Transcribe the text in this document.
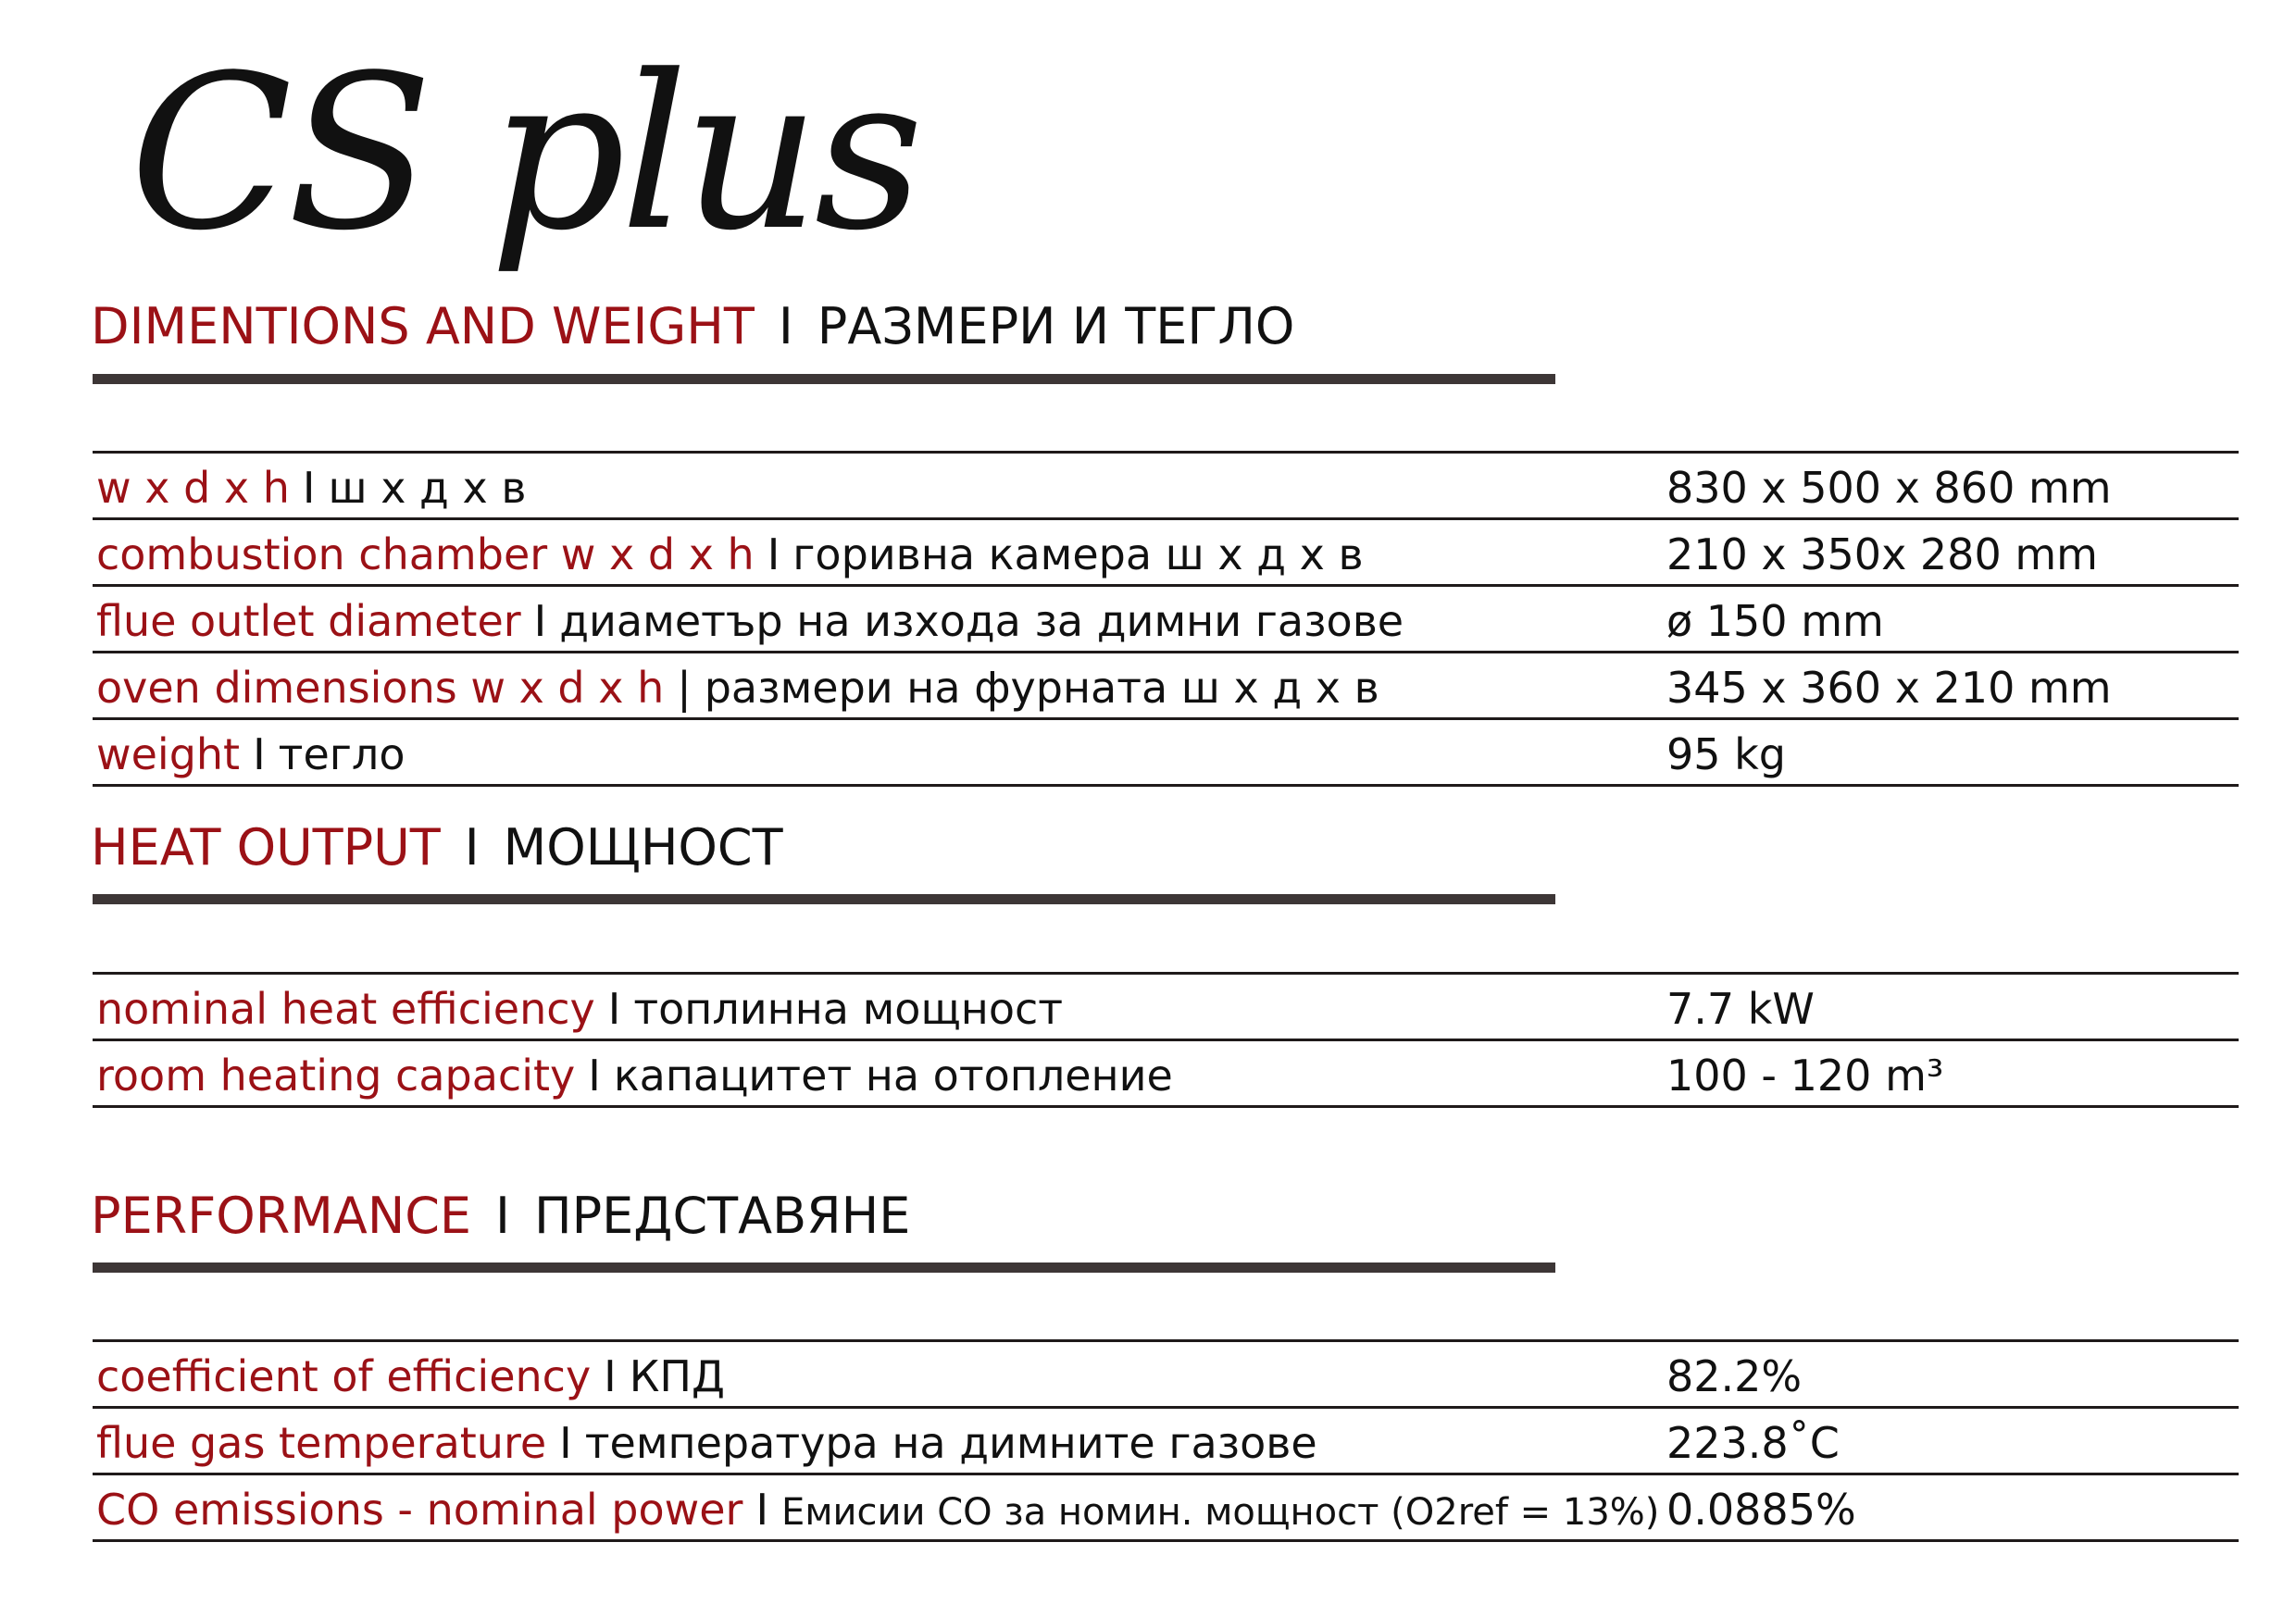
CS plus
DIMENTIONS AND WEIGHT I РАЗМЕРИ И ТЕГЛО
w x d x h I ш х д х в	830 x 500 x 860 mm
combustion chamber w x d x h I горивна камера ш х д х в	210 x 350x 280 mm
flue outlet diameter I диаметър на изхода за димни газове	ø 150 mm
oven dimensions w x d x h | размери на фурната ш х д х в	345 x 360 x 210 mm
weight I тегло	95 kg
HEAT OUTPUT I МОЩНОСТ
nominal heat efficiency I топлинна мощност	7.7 kW
room heating capacity I капацитет на отопление	100 - 120 m³
PERFORMANCE I ПРЕДСТАВЯНЕ
coefficient of efficiency I КПД	82.2%
flue gas temperature I температура на димните газове	223.8˚C
CO emissions - nominal power I Емисии CO за номин. мощност (O2ref = 13%) 0.0885%
